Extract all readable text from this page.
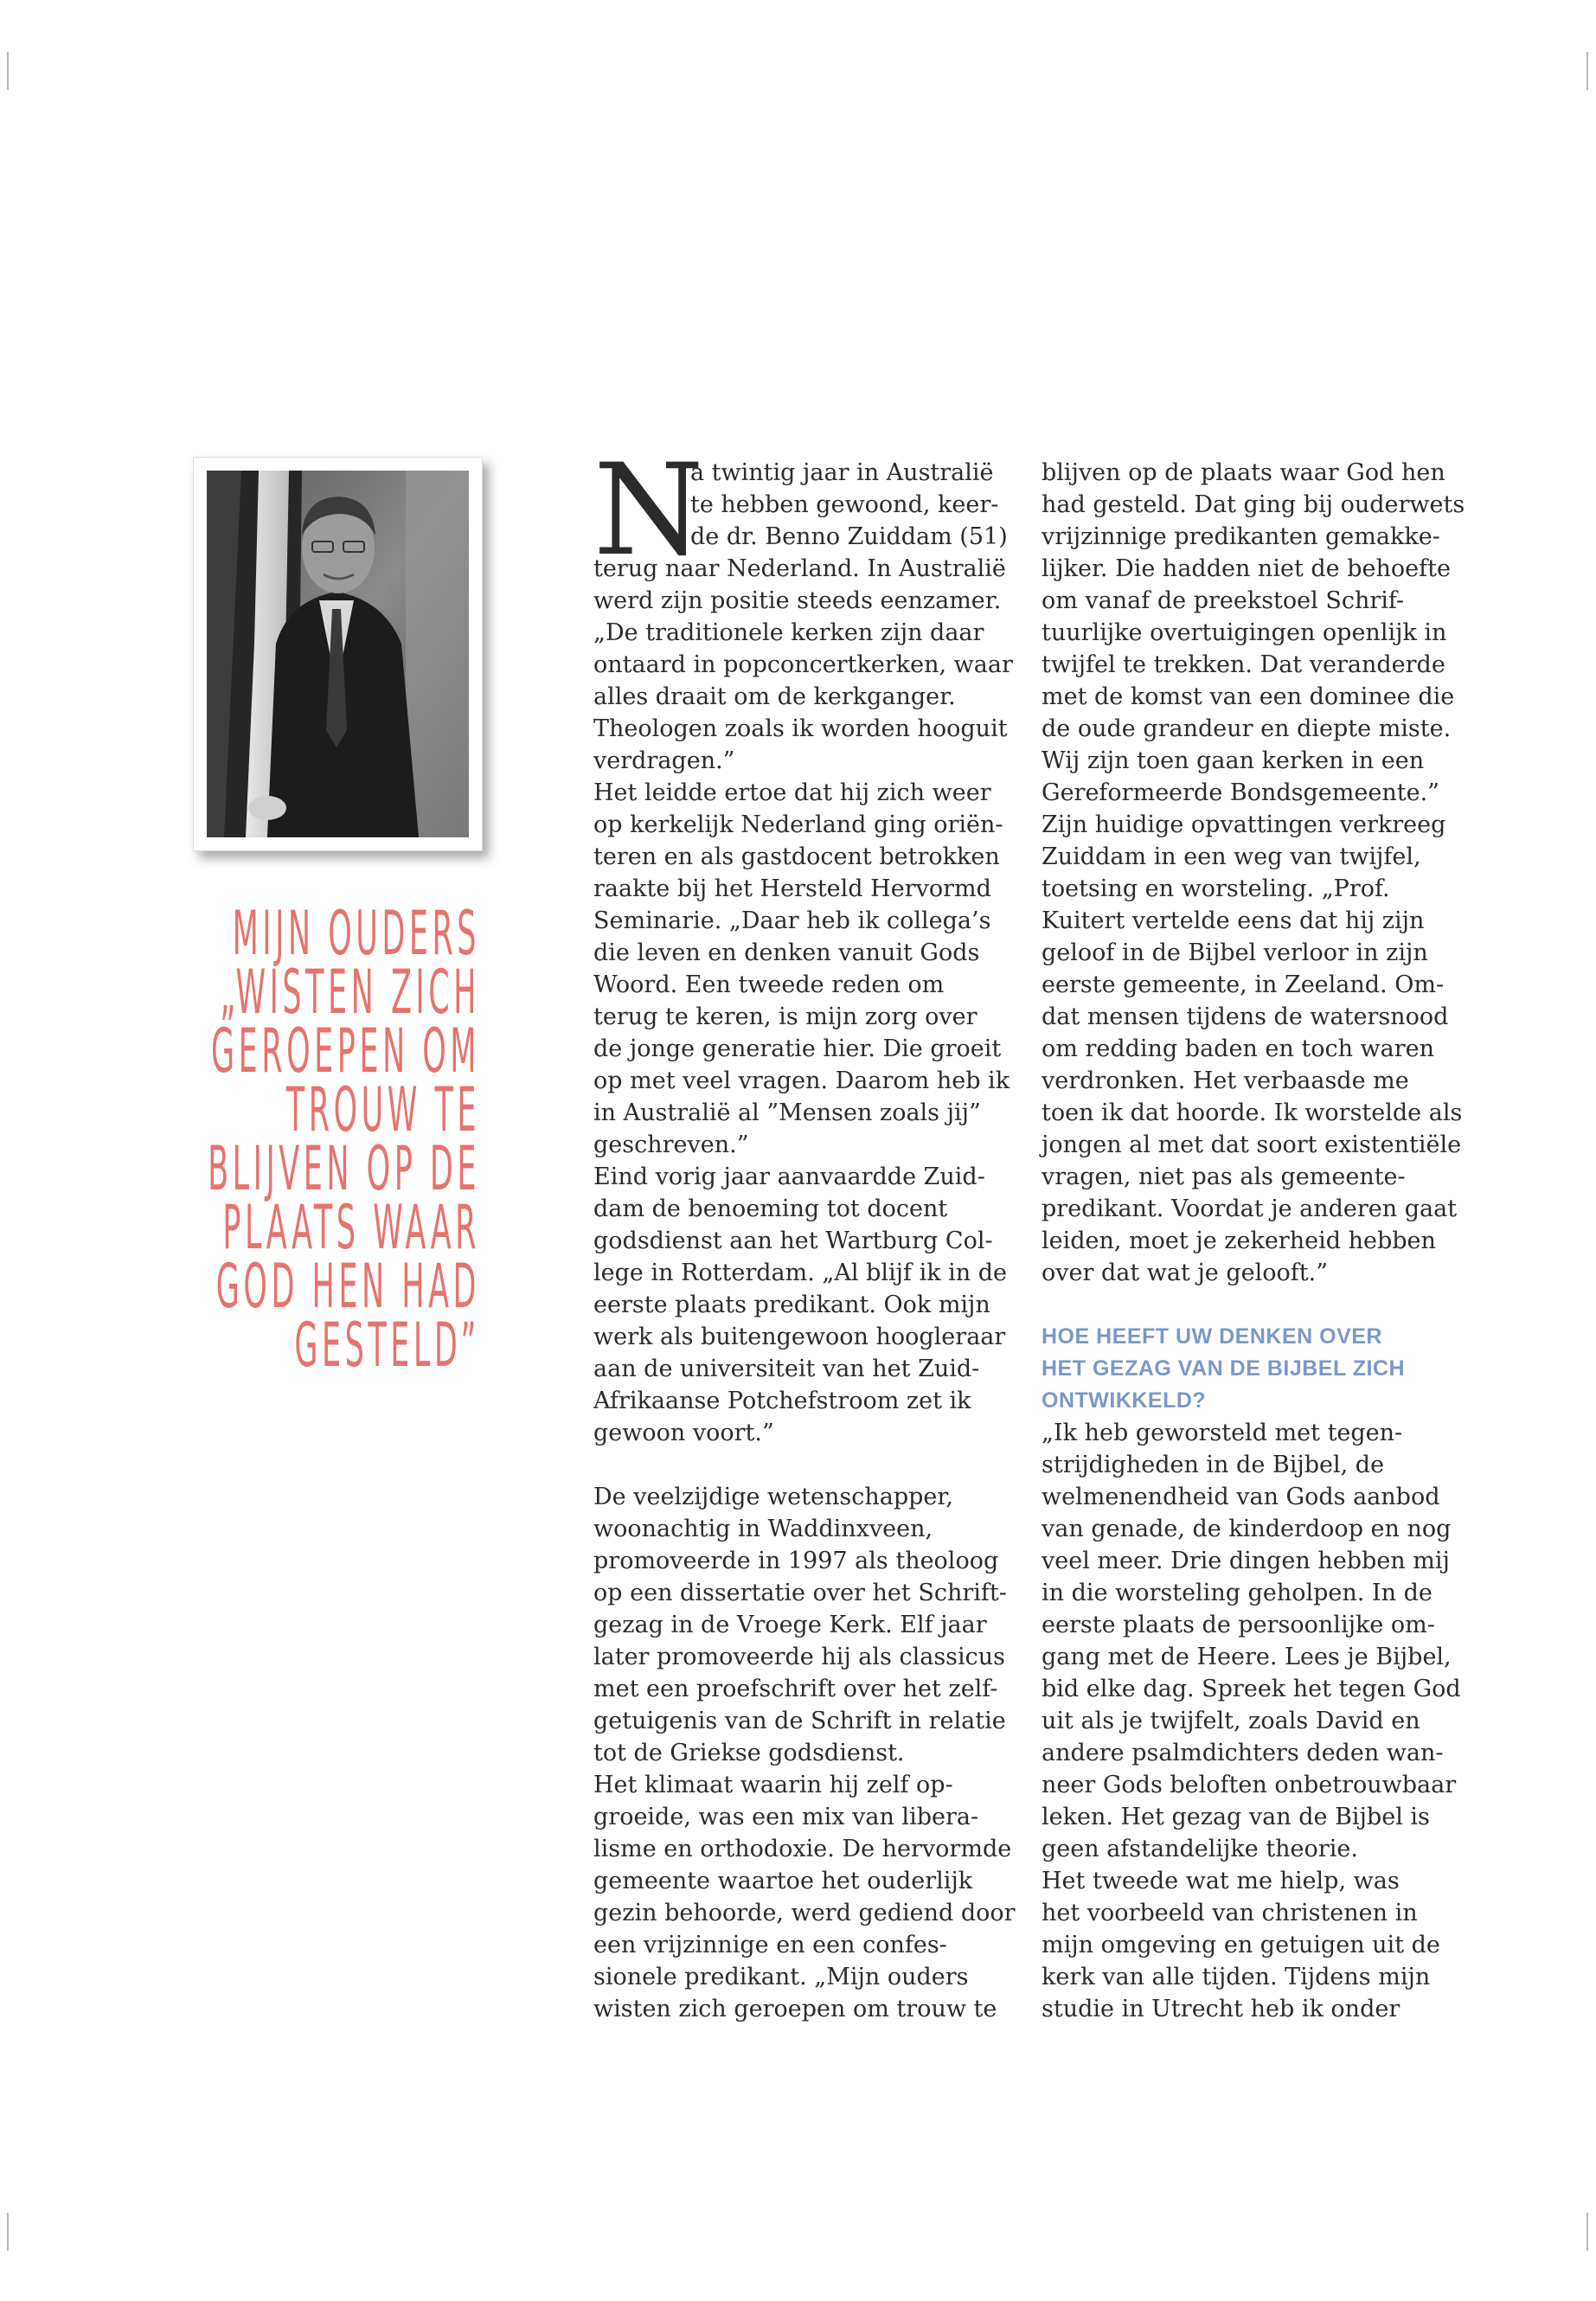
MIJN OUDERS
„WISTEN ZICH
GEROEPEN OM
TROUW TE
BLIJVEN OP DE
PLAATS WAAR
GOD HEN HAD
GESTELD”
N
a twintig jaar in Australië
te hebben gewoond, keer-
de dr. Benno Zuiddam (51)
terug naar Nederland. In Australië
werd zijn positie steeds eenzamer.
„De traditionele kerken zijn daar
ontaard in popconcertkerken, waar
alles draait om de kerkganger.
Theologen zoals ik worden hooguit
verdragen.”
Het leidde ertoe dat hij zich weer
op kerkelijk Nederland ging oriën-
teren en als gastdocent betrokken
raakte bij het Hersteld Hervormd
Seminarie. „Daar heb ik collega’s
die leven en denken vanuit Gods
Woord. Een tweede reden om
terug te keren, is mijn zorg over
de jonge generatie hier. Die groeit
op met veel vragen. Daarom heb ik
in Australië al ”Mensen zoals jij”
geschreven.”
Eind vorig jaar aanvaardde Zuid-
dam de benoeming tot docent
godsdienst aan het Wartburg Col-
lege in Rotterdam. „Al blijf ik in de
eerste plaats predikant. Ook mijn
werk als buitengewoon hoogleraar
aan de universiteit van het Zuid-
Afrikaanse Potchefstroom zet ik
gewoon voort.”
De veelzijdige wetenschapper,
woonachtig in Waddinxveen,
promoveerde in 1997 als theoloog
op een dissertatie over het Schrift-
gezag in de Vroege Kerk. Elf jaar
later promoveerde hij als classicus
met een proefschrift over het zelf-
getuigenis van de Schrift in relatie
tot de Griekse godsdienst.
Het klimaat waarin hij zelf op-
groeide, was een mix van libera-
lisme en orthodoxie. De hervormde
gemeente waartoe het ouderlijk
gezin behoorde, werd gediend door
een vrijzinnige en een confes-
sionele predikant. „Mijn ouders
wisten zich geroepen om trouw te
blijven op de plaats waar God hen
had gesteld. Dat ging bij ouderwets
vrijzinnige predikanten gemakke-
lijker. Die hadden niet de behoefte
om vanaf de preekstoel Schrif-
tuurlijke overtuigingen openlijk in
twijfel te trekken. Dat veranderde
met de komst van een dominee die
de oude grandeur en diepte miste.
Wij zijn toen gaan kerken in een
Gereformeerde Bondsgemeente.”
Zijn huidige opvattingen verkreeg
Zuiddam in een weg van twijfel,
toetsing en worsteling. „Prof.
Kuitert vertelde eens dat hij zijn
geloof in de Bijbel verloor in zijn
eerste gemeente, in Zeeland. Om-
dat mensen tijdens de watersnood
om redding baden en toch waren
verdronken. Het verbaasde me
toen ik dat hoorde. Ik worstelde als
jongen al met dat soort existentiële
vragen, niet pas als gemeente-
predikant. Voordat je anderen gaat
leiden, moet je zekerheid hebben
over dat wat je gelooft.”
HOE HEEFT UW DENKEN OVER
HET GEZAG VAN DE BIJBEL ZICH
ONTWIKKELD?
„Ik heb geworsteld met tegen-
strijdigheden in de Bijbel, de
welmenendheid van Gods aanbod
van genade, de kinderdoop en nog
veel meer. Drie dingen hebben mij
in die worsteling geholpen. In de
eerste plaats de persoonlijke om-
gang met de Heere. Lees je Bijbel,
bid elke dag. Spreek het tegen God
uit als je twijfelt, zoals David en
andere psalmdichters deden wan-
neer Gods beloften onbetrouwbaar
leken. Het gezag van de Bijbel is
geen afstandelijke theorie.
Het tweede wat me hielp, was
het voorbeeld van christenen in
mijn omgeving en getuigen uit de
kerk van alle tijden. Tijdens mijn
studie in Utrecht heb ik onder
